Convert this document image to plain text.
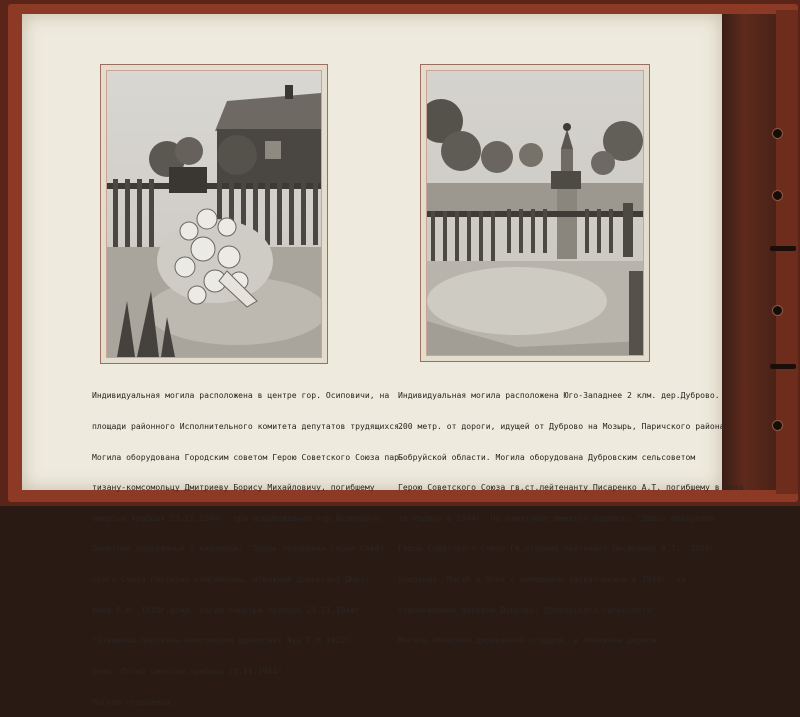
Индивидуальная могила расположена в центре гор. Осиповичи, на

площади районного Исполнительного комитета депутатов трудящихся.

Могила оборудована Городским советом Герою Советского Союза пар-

тизану-комсомольцу Дмитриеву Борису Михайловичу, погибшему

смертью храбрых 23.II.1944г. при освобождении гор.Осиповичи.

Памятник деревянный с надписью: "Здесь похоронен Герой Совет-

ского Союза партизан-комсомолец, отважный диверсант Дмит-

риев Б.М. 1924г.рожд. погиб смертью храбрых 23.II.1944г."

"Отважный партизан-комсомолец диверсант Жук Т.Н 1922г.

рожд. Погиб смертью храбрых 23.II.1944"

Могила огорожена.

Индивидуальная могила расположена Юго-Западнее 2 клм. дер.Дуброво.

200 метр. от дороги, идущей от Дуброво на Мозырь, Паричского района

Бобруйской области. Могила оборудована Дубровским сельсоветом

Герою Советского Союза гв.ст.лейтенанту Писаренко А.Т. погибшему в боях

за Родину в 1944г. На памятнике имеется надпись: "Здесь похоронен

Герой Советского Союза Гв.старший лейтенант Писаренко А.Т., 1916г.

рождения. Погиб в боях с немецкими захватчиками в 1944г. за

освобождение деревни Дуброво, Дубровского сельсовета"

Могила обнесена деревянной оградой, и обложена дерном.
